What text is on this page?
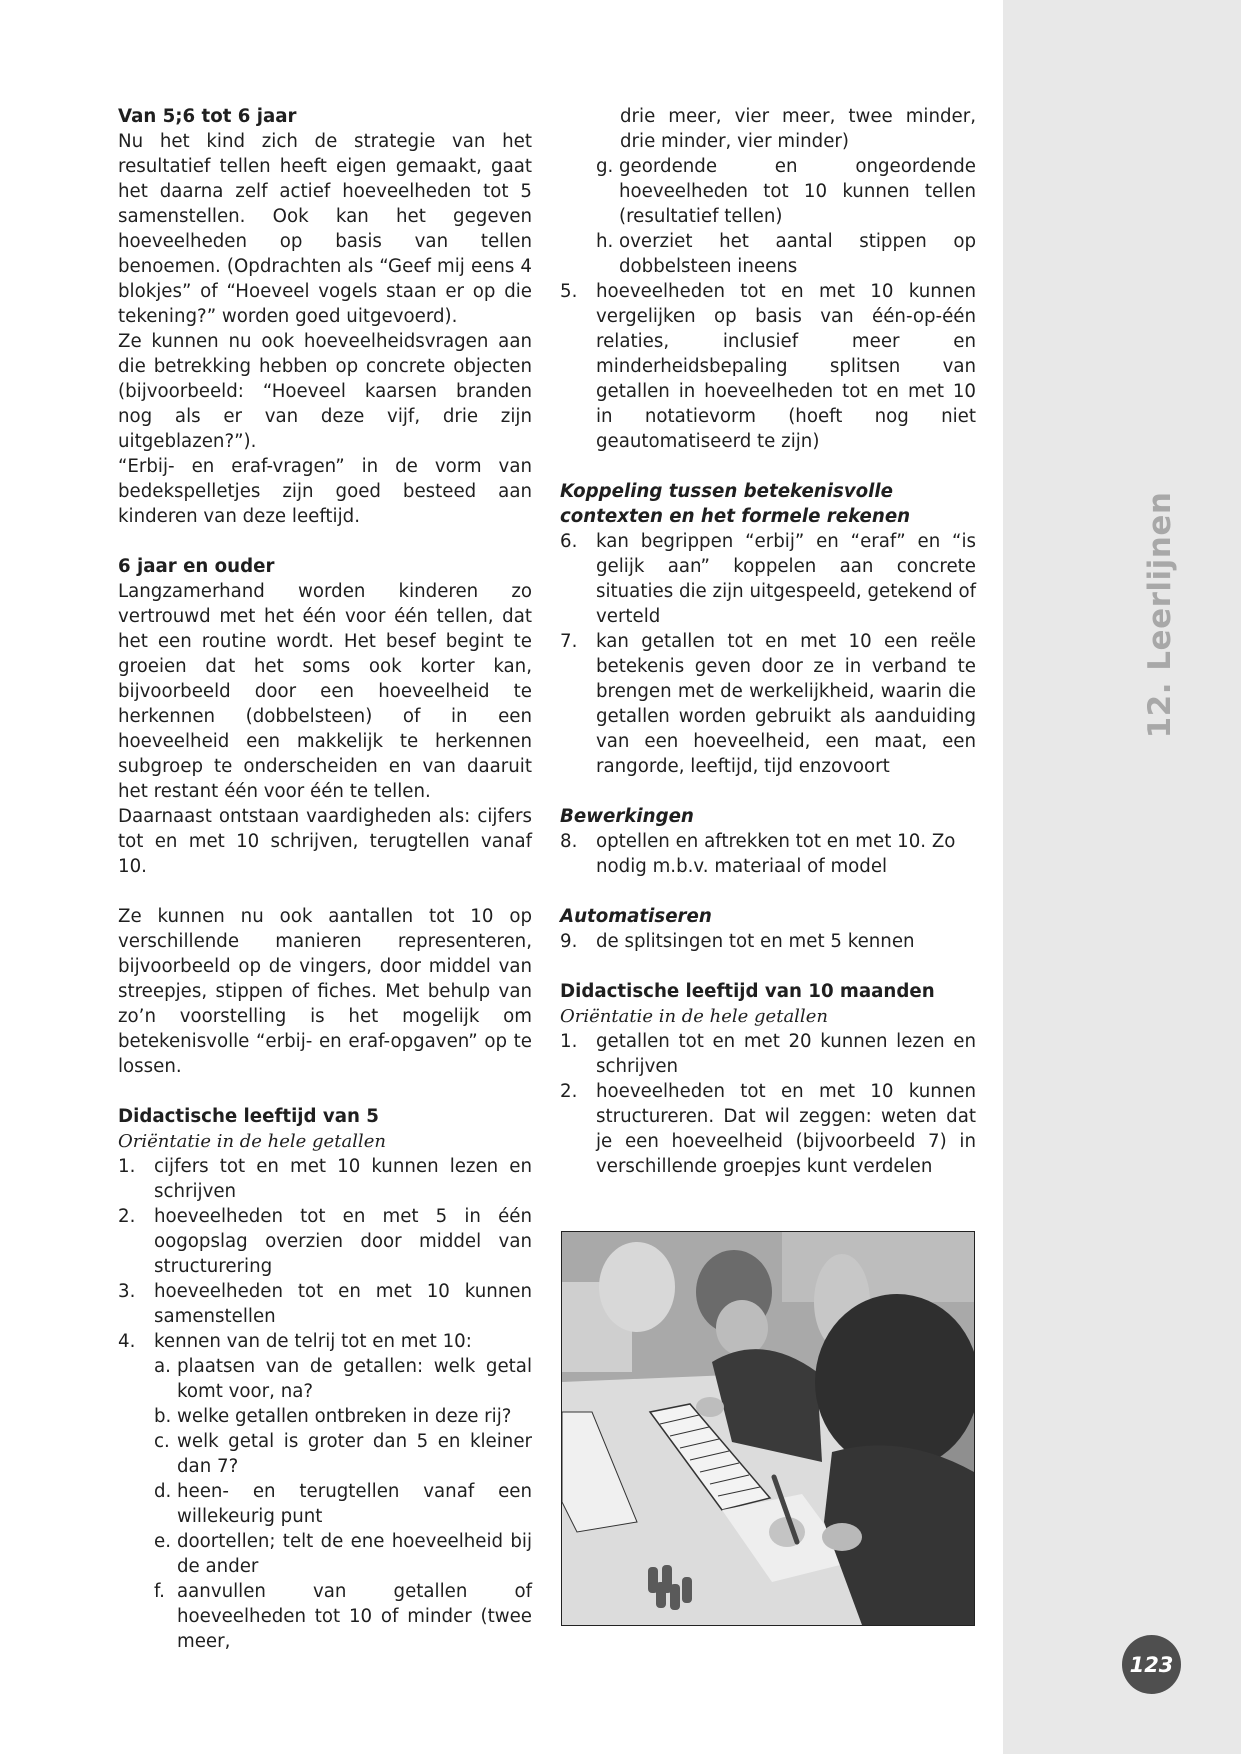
12. Leerlijnen
123
Van 5;6 tot 6 jaar

Nu het kind zich de strategie van het resultatief tellen heeft eigen gemaakt, gaat het daarna zelf actief hoeveelheden tot 5 samenstellen. Ook kan het gegeven hoeveelheden op basis van tellen benoemen. (Opdrachten als “Geef mij eens 4 blokjes” of “Hoeveel vogels staan er op die tekening?” worden goed uitgevoerd).

Ze kunnen nu ook hoeveelheidsvragen aan die betrekking hebben op concrete objecten (bijvoorbeeld: “Hoeveel kaarsen branden nog als er van deze vijf, drie zijn uitgeblazen?”).

“Erbij- en eraf-vragen” in de vorm van bedekspelletjes zijn goed besteed aan kinderen van deze leeftijd.

6 jaar en ouder

Langzamerhand worden kinderen zo vertrouwd met het één voor één tellen, dat het een routine wordt. Het besef begint te groeien dat het soms ook korter kan, bijvoorbeeld door een hoeveelheid te herkennen (dobbelsteen) of in een hoeveelheid een makkelijk te herkennen subgroep te onderscheiden en van daaruit het restant één voor één te tellen.

Daarnaast ontstaan vaardigheden als: cijfers tot en met 10 schrijven, terugtellen vanaf 10.

Ze kunnen nu ook aantallen tot 10 op verschillende manieren representeren, bijvoorbeeld op de vingers, door middel van streepjes, stippen of fiches. Met behulp van zo’n voorstelling is het mogelijk om betekenisvolle “erbij- en eraf-opgaven” op te lossen.

Didactische leeftijd van 5
Oriëntatie in de hele getallen
1. cijfers tot en met 10 kunnen lezen en schrijven
2. hoeveelheden tot en met 5 in één oogopslag overzien door middel van structurering
3. hoeveelheden tot en met 10 kunnen samenstellen
4. kennen van de telrij tot en met 10:
a. plaatsen van de getallen: welk getal komt voor, na?
b. welke getallen ontbreken in deze rij?
c. welk getal is groter dan 5 en kleiner dan 7?
d. heen- en terugtellen vanaf een willekeurig punt
e. doortellen; telt de ene hoeveelheid bij de ander
f. aanvullen van getallen of hoeveelheden tot 10 of minder (twee meer,
drie meer, vier meer, twee minder, drie minder, vier minder)
g. geordende en ongeordende hoeveelheden tot 10 kunnen tellen (resultatief tellen)
h. overziet het aantal stippen op dobbelsteen ineens
5. hoeveelheden tot en met 10 kunnen vergelijken op basis van één-op-één relaties, inclusief meer en minderheidsbepaling splitsen van getallen in hoeveelheden tot en met 10 in notatievorm (hoeft nog niet geautomatiseerd te zijn)
Koppeling tussen betekenisvolle contexten en het formele rekenen
6. kan begrippen “erbij” en “eraf” en “is gelijk aan” koppelen aan concrete situaties die zijn uitgespeeld, getekend of verteld
7. kan getallen tot en met 10 een reële betekenis geven door ze in verband te brengen met de werkelijkheid, waarin die getallen worden gebruikt als aanduiding van een hoeveelheid, een maat, een rangorde, leeftijd, tijd enzovoort
Bewerkingen
8. optellen en aftrekken tot en met 10. Zo nodig m.b.v. materiaal of model
Automatiseren
9. de splitsingen tot en met 5 kennen
Didactische leeftijd van 10 maanden
Oriëntatie in de hele getallen
1. getallen tot en met 20 kunnen lezen en schrijven
2. hoeveelheden tot en met 10 kunnen structureren. Dat wil zeggen: weten dat je een hoeveelheid (bijvoorbeeld 7) in verschillende groepjes kunt verdelen
